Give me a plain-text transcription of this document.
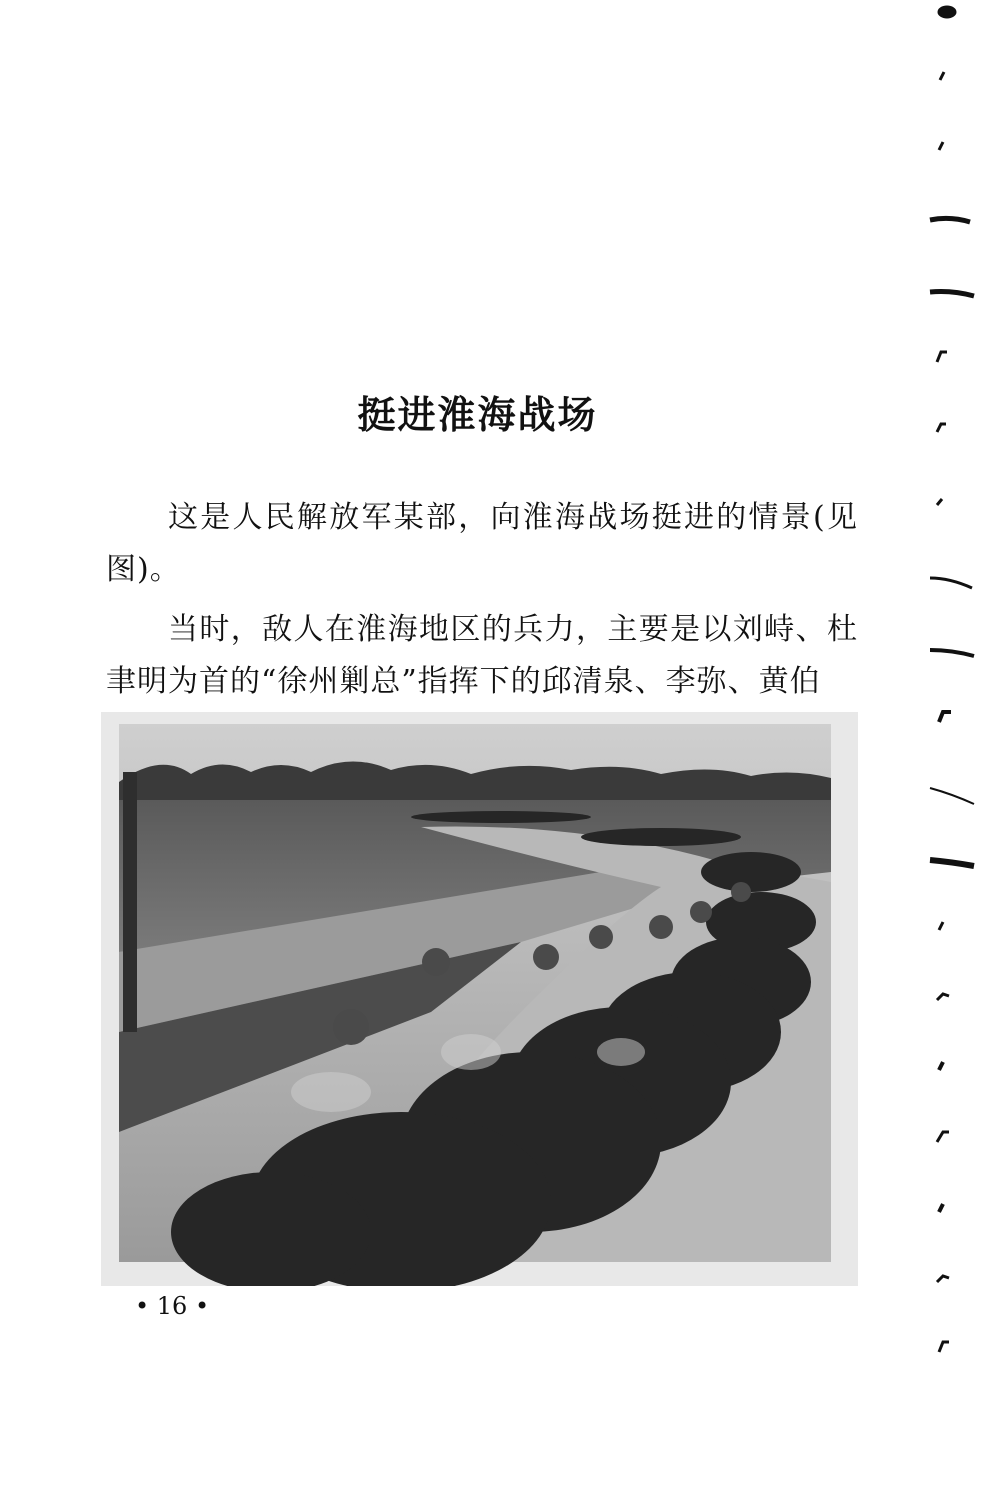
挺进淮海战场

这是人民解放军某部，向淮海战场挺进的情景(见图)。

当时，敌人在淮海地区的兵力，主要是以刘峙、杜聿明为首的“徐州剿总”指挥下的邱清泉、李弥、黄伯

• 16 •
